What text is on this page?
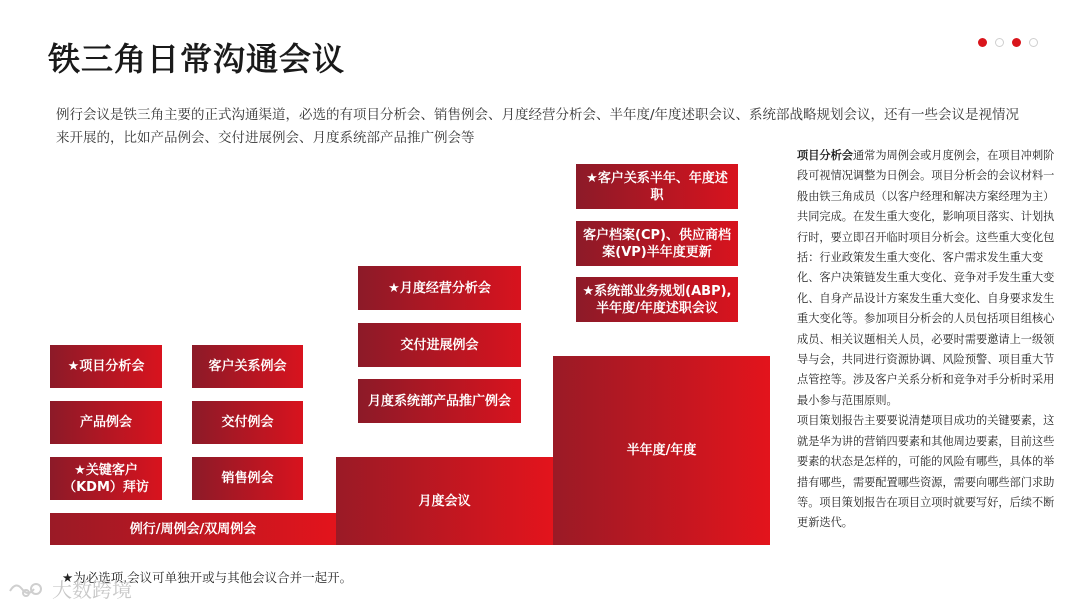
铁三角日常沟通会议
例行会议是铁三角主要的正式沟通渠道，必选的有项目分析会、销售例会、月度经营分析会、半年度/年度述职会议、系统部战略规划会议，还有一些会议是视情况来开展的，比如产品例会、交付进展例会、月度系统部产品推广例会等
例行/周例会/双周例会
★项目分析会	客户关系例会
产品例会	交付例会
★关键客户（KDM）拜访
销售例会
月度会议
★月度经营分析会
交付进展例会
月度系统部产品推广例会
半年度/年度
★客户关系半年、年度述职
客户档案(CP)、供应商档案(VP)半年度更新
★系统部业务规划(ABP), 半年度/年度述职会议
★为必选项,会议可单独开或与其他会议合并一起开。
项目分析会通常为周例会或月度例会，在项目冲刺阶段可视情况调整为日例会。项目分析会的会议材料一般由铁三角成员（以客户经理和解决方案经理为主）共同完成。在发生重大变化，影响项目落实、计划执行时，要立即召开临时项目分析会。这些重大变化包括：行业政策发生重大变化、客户需求发生重大变化、客户决策链发生重大变化、竞争对手发生重大变化、自身产品设计方案发生重大变化、自身要求发生重大变化等。参加项目分析会的人员包括项目组核心成员、相关议题相关人员，必要时需要邀请上一级领导与会，共同进行资源协调、风险预警、项目重大节点管控等。涉及客户关系分析和竞争对手分析时采用最小参与范围原则。
项目策划报告主要要说清楚项目成功的关键要素，这就是华为讲的营销四要素和其他周边要素，目前这些要素的状态是怎样的，可能的风险有哪些，具体的举措有哪些，需要配置哪些资源，需要向哪些部门求助等。项目策划报告在项目立项时就要写好，后续不断更新迭代。
大数跨境
